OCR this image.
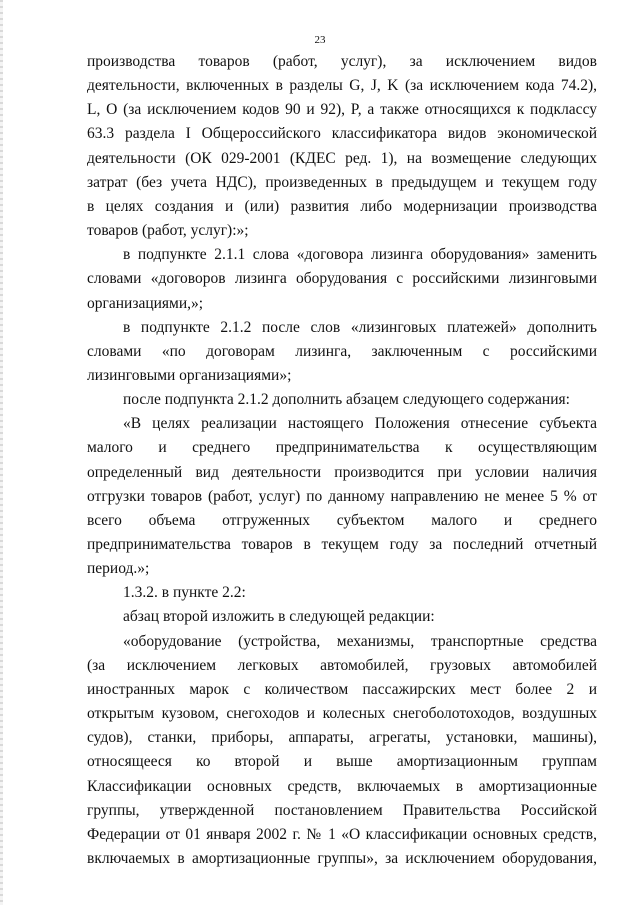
23
производства товаров (работ, услуг), за исключением видов
деятельности, включенных в разделы G, J, K (за исключением кода 74.2),
L, O (за исключением кодов 90 и 92), P, а также относящихся к подклассу
63.3 раздела I Общероссийского классификатора видов экономической
деятельности (ОК 029-2001 (КДЕС ред. 1), на возмещение следующих
затрат (без учета НДС), произведенных в предыдущем и текущем году
в целях создания и (или) развития либо модернизации производства
товаров (работ, услуг):»;
в подпункте 2.1.1 слова «договора лизинга оборудования» заменить
словами «договоров лизинга оборудования с российскими лизинговыми
организациями,»;
в подпункте 2.1.2 после слов «лизинговых платежей» дополнить
словами «по договорам лизинга, заключенным с российскими
лизинговыми организациями»;
после подпункта 2.1.2 дополнить абзацем следующего содержания:
«В целях реализации настоящего Положения отнесение субъекта
малого и среднего предпринимательства к осуществляющим
определенный вид деятельности производится при условии наличия
отгрузки товаров (работ, услуг) по данному направлению не менее 5 % от
всего объема отгруженных субъектом малого и среднего
предпринимательства товаров в текущем году за последний отчетный
период.»;
1.3.2. в пункте 2.2:
абзац второй изложить в следующей редакции:
«оборудование (устройства, механизмы, транспортные средства
(за исключением легковых автомобилей, грузовых автомобилей
иностранных марок с количеством пассажирских мест более 2 и
открытым кузовом, снегоходов и колесных снегоболотоходов, воздушных
судов), станки, приборы, аппараты, агрегаты, установки, машины),
относящееся ко второй и выше амортизационным группам
Классификации основных средств, включаемых в амортизационные
группы, утвержденной постановлением Правительства Российской
Федерации от 01 января 2002 г. № 1 «О классификации основных средств,
включаемых в амортизационные группы», за исключением оборудования,
